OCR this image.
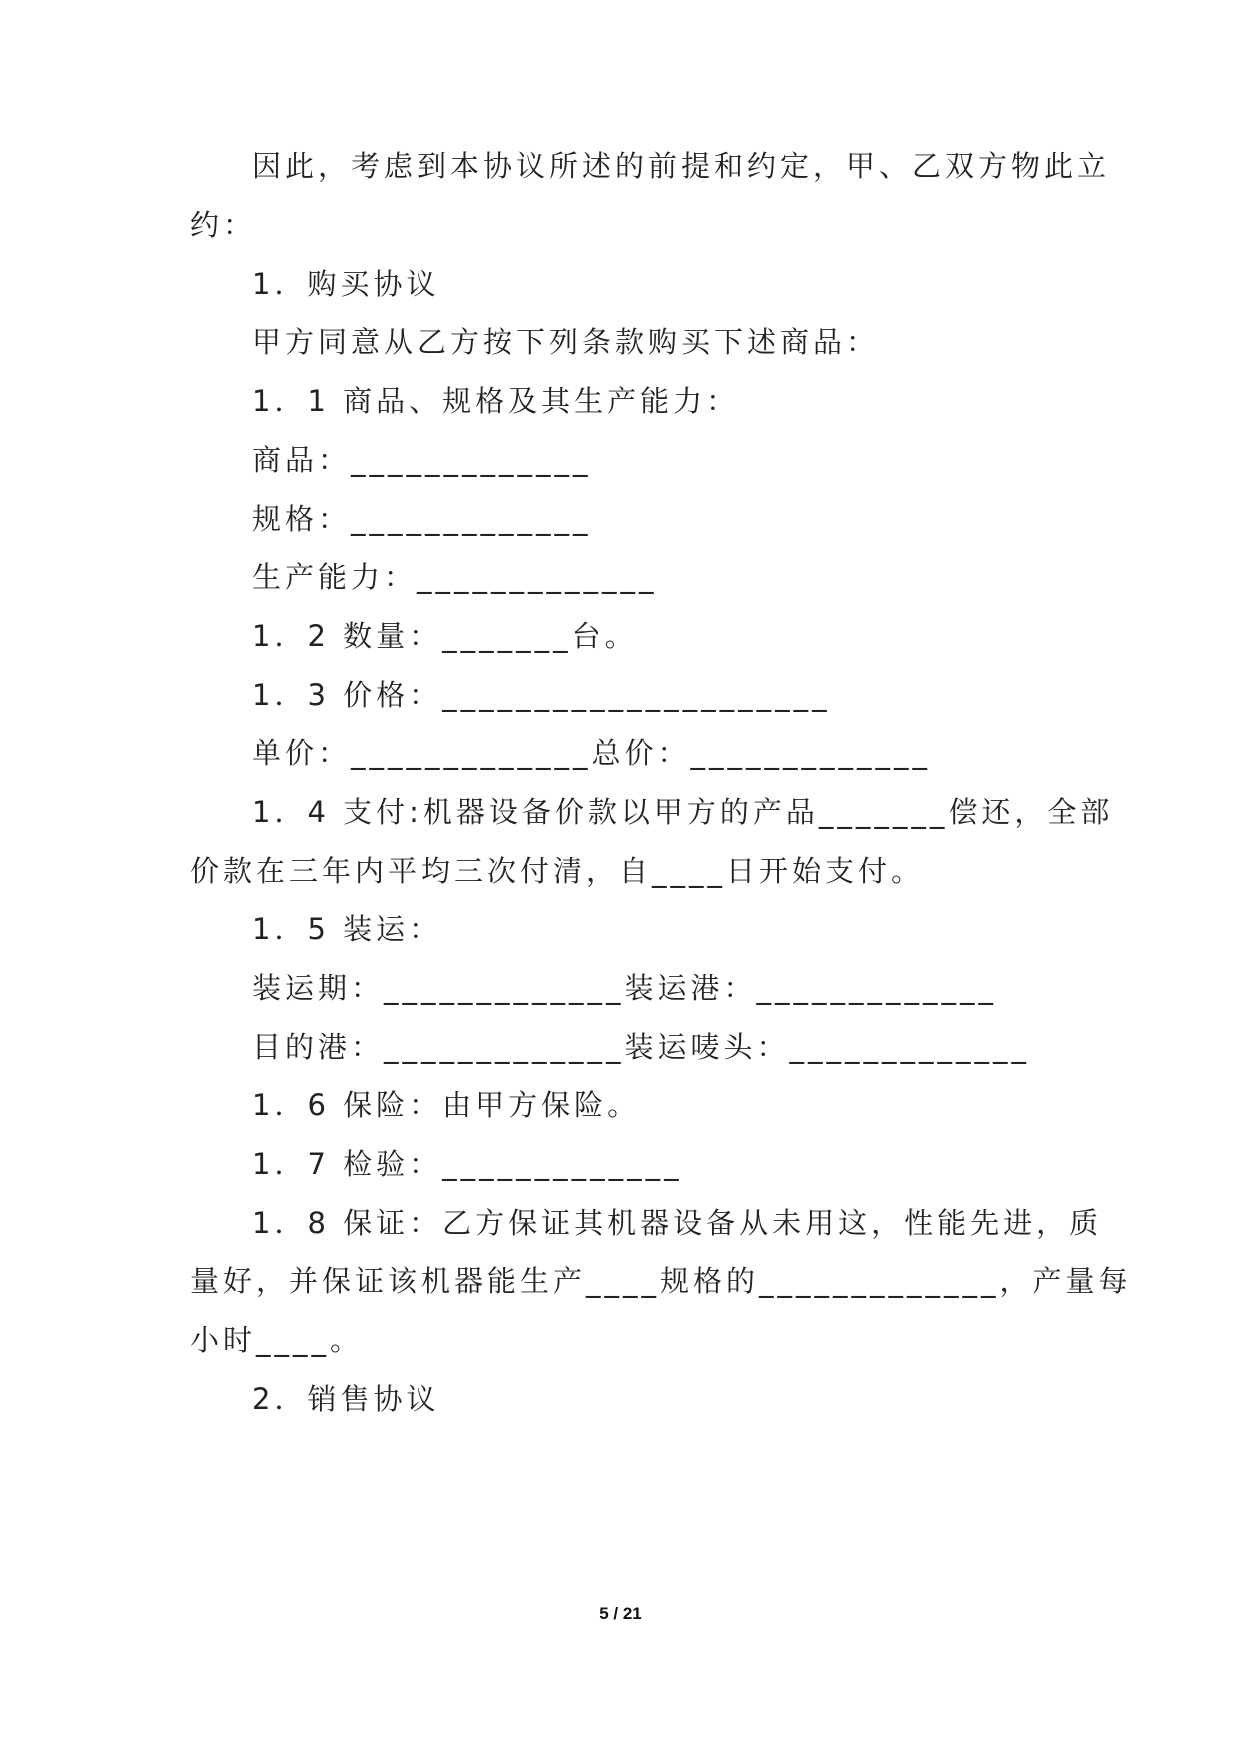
因此，考虑到本协议所述的前提和约定，甲、乙双方物此立
约：
1．购买协议
甲方同意从乙方按下列条款购买下述商品：
1．1 商品、规格及其生产能力：
商品：_____________
规格：_____________
生产能力：_____________
1．2 数量：_______台。
1．3 价格：_____________________
单价：_____________总价：_____________
1．4 支付:机器设备价款以甲方的产品_______偿还，全部
价款在三年内平均三次付清，自____日开始支付。
1．5 装运：
装运期：_____________装运港：_____________
目的港：_____________装运唛头：_____________
1．6 保险：由甲方保险。
1．7 检验：_____________
1．8 保证：乙方保证其机器设备从未用这，性能先进，质
量好，并保证该机器能生产____规格的_____________，产量每
小时____。
2．销售协议
5 / 21
